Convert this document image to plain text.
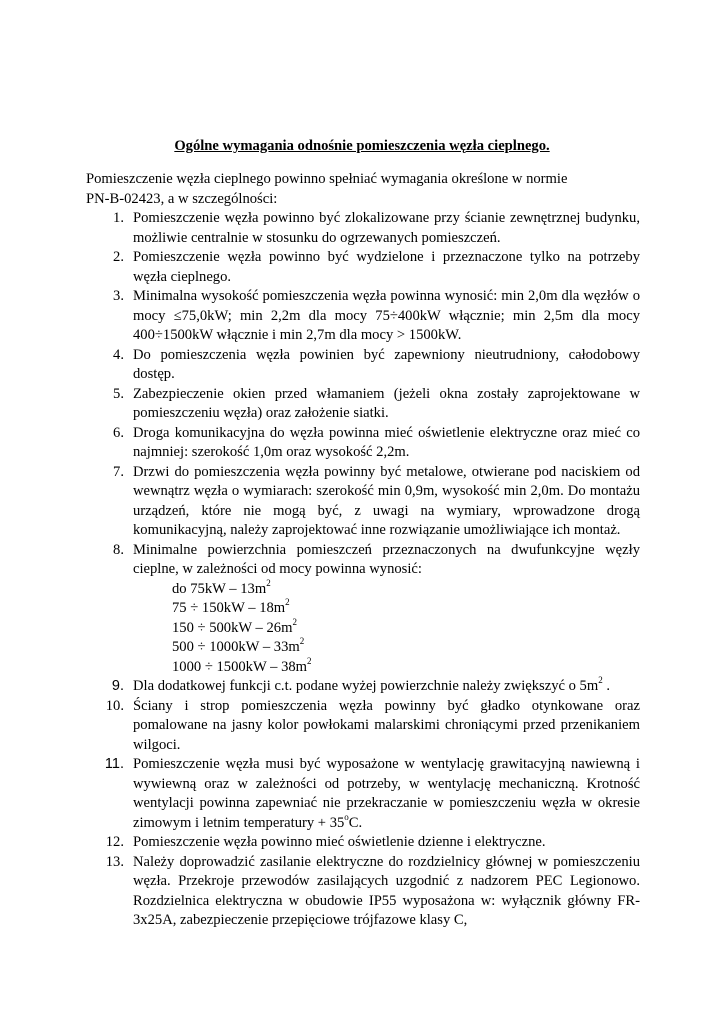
Ogólne wymagania odnośnie pomieszczenia węzła cieplnego.
Pomieszczenie węzła cieplnego powinno spełniać wymagania określone w normie
PN-B-02423, a w szczególności:
1. Pomieszczenie węzła powinno być zlokalizowane przy ścianie zewnętrznej budynku, możliwie centralnie w stosunku do ogrzewanych pomieszczeń.
2. Pomieszczenie węzła powinno być wydzielone i przeznaczone tylko na potrzeby węzła cieplnego.
3. Minimalna wysokość pomieszczenia węzła powinna wynosić: min 2,0m dla węzłów o mocy ≤75,0kW; min 2,2m dla mocy 75÷400kW włącznie; min 2,5m dla mocy 400÷1500kW włącznie i min 2,7m dla mocy > 1500kW.
4. Do pomieszczenia węzła powinien być zapewniony nieutrudniony, całodobowy dostęp.
5. Zabezpieczenie okien przed włamaniem (jeżeli okna zostały zaprojektowane w pomieszczeniu węzła) oraz założenie siatki.
6. Droga komunikacyjna do węzła powinna mieć oświetlenie elektryczne oraz mieć co najmniej: szerokość 1,0m oraz wysokość 2,2m.
7. Drzwi do pomieszczenia węzła powinny być metalowe, otwierane pod naciskiem od wewnątrz węzła o wymiarach: szerokość min 0,9m, wysokość min 2,0m. Do montażu urządzeń, które nie mogą być, z uwagi na wymiary, wprowadzone drogą komunikacyjną, należy zaprojektować inne rozwiązanie umożliwiające ich montaż.
8. Minimalne powierzchnia pomieszczeń przeznaczonych na dwufunkcyjne węzły cieplne, w zależności od mocy powinna wynosić:
do $75kW - 13m^2$
$75 \div 150kW - 18m^2$
$150 \div 500kW - 26m^2$
$500 \div 1000kW - 33m^2$
$1000 \div 1500kW - 38m^2$
9. Dla dodatkowej funkcji c.t. podane wyżej powierzchnie należy zwiększyć o $5m^2$ .
10. Ściany i strop pomieszczenia węzła powinny być gładko otynkowane oraz pomalowane na jasny kolor powłokami malarskimi chroniącymi przed przenikaniem wilgoci.
11. Pomieszczenie węzła musi być wyposażone w wentylację grawitacyjną nawiewną i wywiewną oraz w zależności od potrzeby, w wentylację mechaniczną. Krotność wentylacji powinna zapewniać nie przekraczanie w pomieszczeniu węzła w okresie zimowym i letnim temperatury + $35^oC$.
12. Pomieszczenie węzła powinno mieć oświetlenie dzienne i elektryczne.
13. Należy doprowadzić zasilanie elektryczne do rozdzielnicy głównej w pomieszczeniu węzła. Przekroje przewodów zasilających uzgodnić z nadzorem PEC Legionowo. Rozdzielnica elektryczna w obudowie IP55 wyposażona w: wyłącznik główny FR-3x25A, zabezpieczenie przepięciowe trójfazowe klasy C,
